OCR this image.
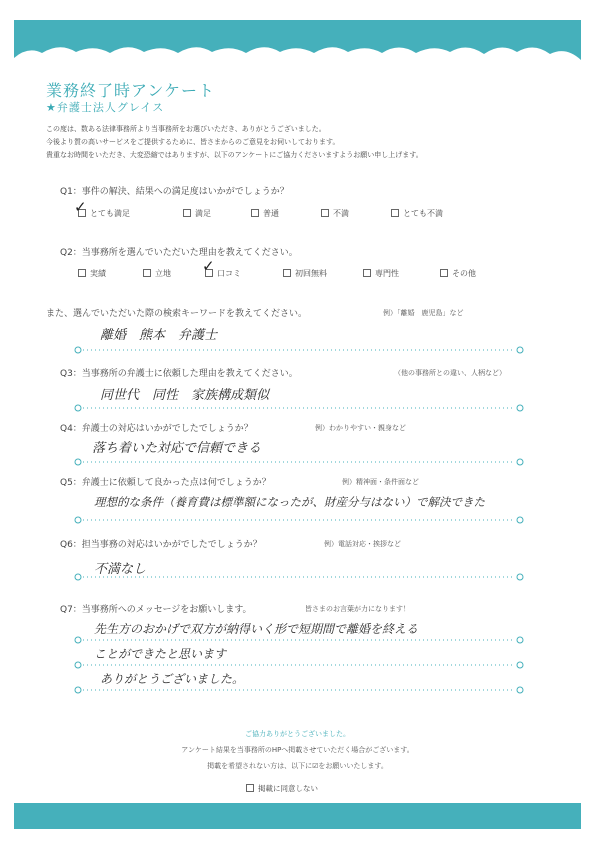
業務終了時アンケート
★弁護士法人グレイス
この度は、数ある法律事務所より当事務所をお選びいただき、ありがとうございました。
今後より質の高いサービスをご提供するために、皆さまからのご意見をお伺いしております。
貴重なお時間をいただき、大変恐縮ではありますが、以下のアンケートにご協力くださいますようお願い申し上げます。
Q1：事件の解決、結果への満足度はいかがでしょうか？
とても満足	満足	普通	不満	とても不満
✓
Q2：当事務所を選んでいただいた理由を教えてください。
実績	立地	口コミ	初回無料	専門性	その他
✓
また、選んでいただいた際の検索キーワードを教えてください。	例）「離婚　鹿児島」など
離婚　熊本　弁護士
Q3：当事務所の弁護士に依頼した理由を教えてください。	（他の事務所との違い、人柄など）
同世代　同性　家族構成類似
Q4：弁護士の対応はいかがでしたでしょうか？	例）わかりやすい・親身など
落ち着いた対応で信頼できる
Q5：弁護士に依頼して良かった点は何でしょうか？	例）精神面・条件面など
理想的な条件（養育費は標準額になったが、財産分与はない）で解決できた
Q6：担当事務の対応はいかがでしたでしょうか？	例）電話対応・挨拶など
不満なし
Q7：当事務所へのメッセージをお願いします。	皆さまのお言葉が力になります！
先生方のおかげで双方が納得いく形で短期間で離婚を終える
ことができたと思います
ありがとうございました。
ご協力ありがとうございました。
アンケート結果を当事務所のHPへ掲載させていただく場合がございます。
掲載を希望されない方は、以下に☑をお願いいたします。
掲載に同意しない
